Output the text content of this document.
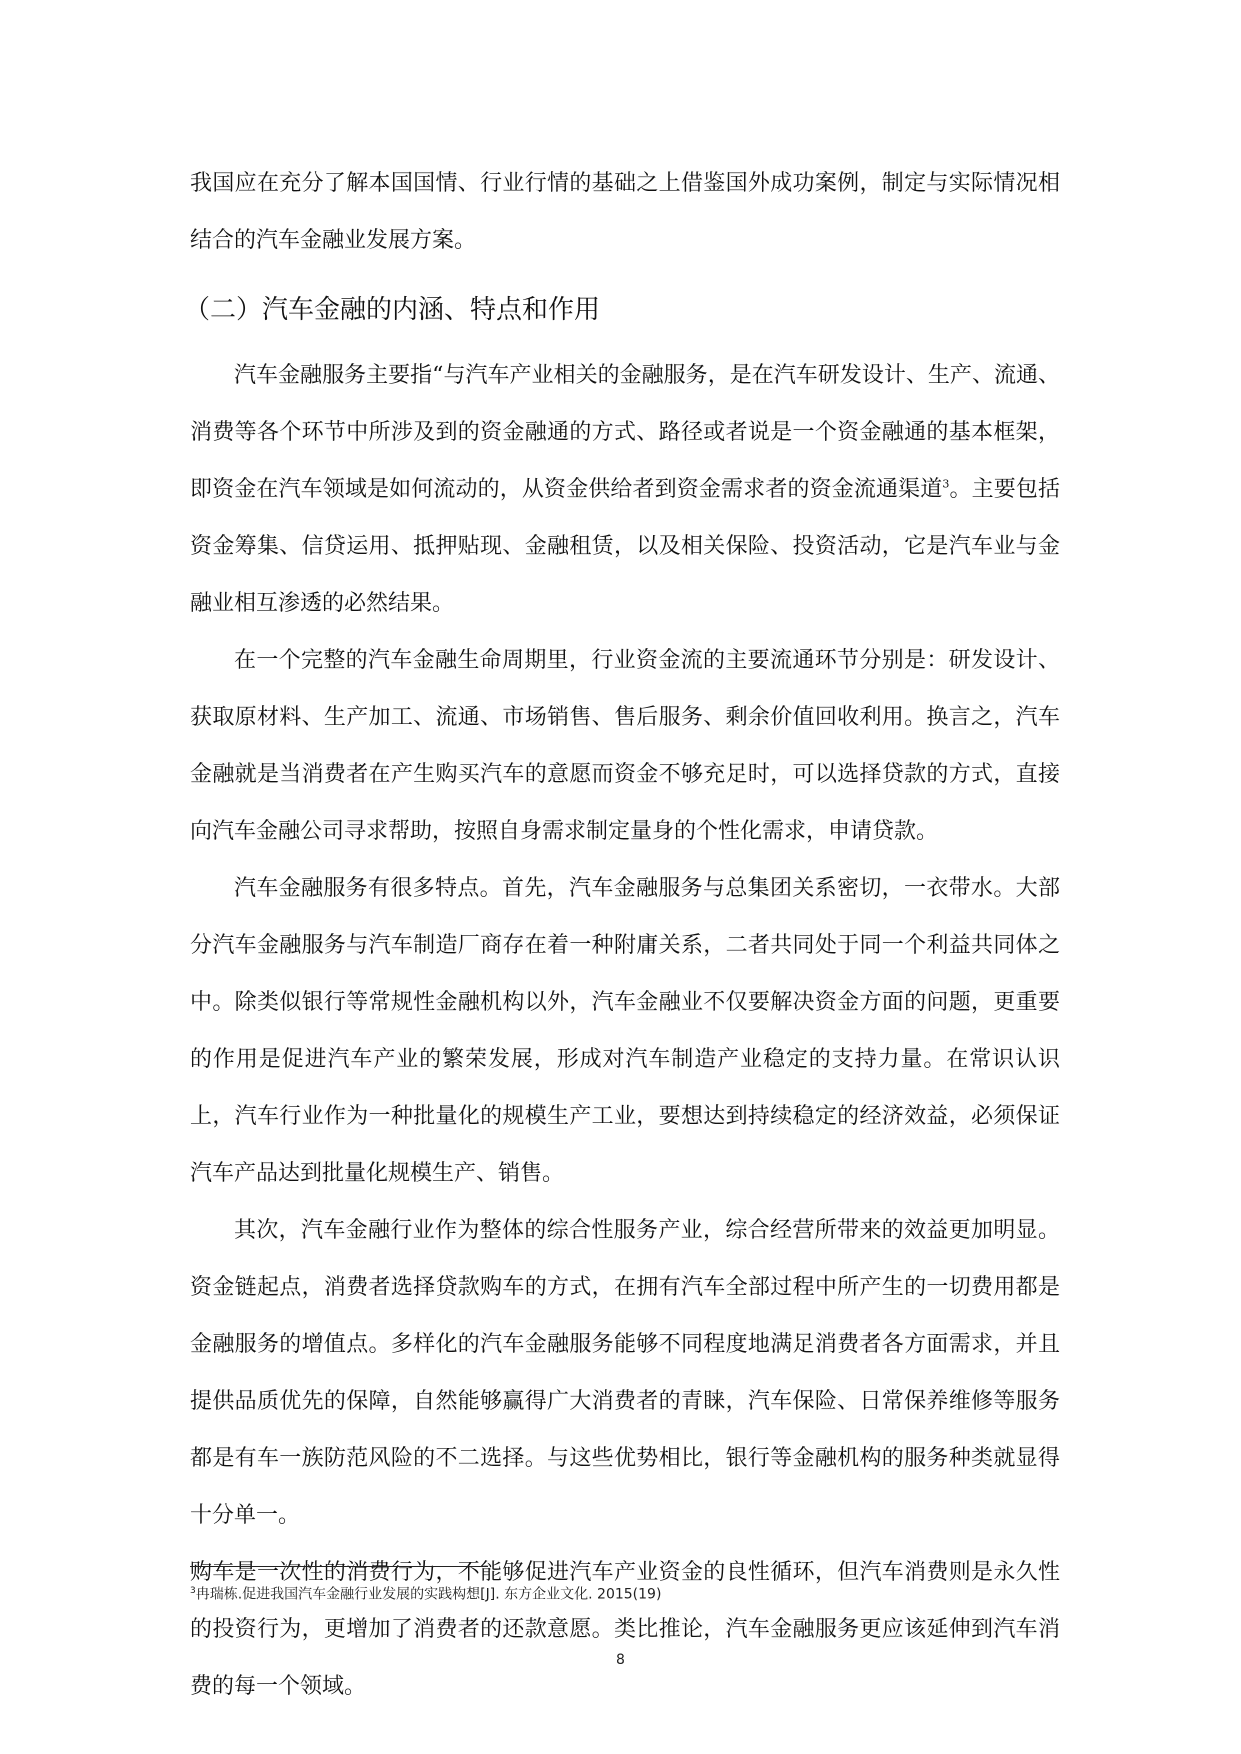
我国应在充分了解本国国情、行业行情的基础之上借鉴国外成功案例，制定与实际情况相结合的汽车金融业发展方案。

（二）汽车金融的内涵、特点和作用

汽车金融服务主要指“与汽车产业相关的金融服务，是在汽车研发设计、生产、流通、消费等各个环节中所涉及到的资金融通的方式、路径或者说是一个资金融通的基本框架，即资金在汽车领域是如何流动的，从资金供给者到资金需求者的资金流通渠道$^3$。主要包括资金筹集、信贷运用、抵押贴现、金融租赁，以及相关保险、投资活动，它是汽车业与金融业相互渗透的必然结果。

在一个完整的汽车金融生命周期里，行业资金流的主要流通环节分别是：研发设计、获取原材料、生产加工、流通、市场销售、售后服务、剩余价值回收利用。换言之，汽车金融就是当消费者在产生购买汽车的意愿而资金不够充足时，可以选择贷款的方式，直接向汽车金融公司寻求帮助，按照自身需求制定量身的个性化需求，申请贷款。

汽车金融服务有很多特点。首先，汽车金融服务与总集团关系密切，一衣带水。大部分汽车金融服务与汽车制造厂商存在着一种附庸关系，二者共同处于同一个利益共同体之中。除类似银行等常规性金融机构以外，汽车金融业不仅要解决资金方面的问题，更重要的作用是促进汽车产业的繁荣发展，形成对汽车制造产业稳定的支持力量。在常识认识上，汽车行业作为一种批量化的规模生产工业，要想达到持续稳定的经济效益，必须保证汽车产品达到批量化规模生产、销售。

其次，汽车金融行业作为整体的综合性服务产业，综合经营所带来的效益更加明显。资金链起点，消费者选择贷款购车的方式，在拥有汽车全部过程中所产生的一切费用都是金融服务的增值点。多样化的汽车金融服务能够不同程度地满足消费者各方面需求，并且提供品质优先的保障，自然能够赢得广大消费者的青睐，汽车保险、日常保养维修等服务都是有车一族防范风险的不二选择。与这些优势相比，银行等金融机构的服务种类就显得十分单一。

购车是一次性的消费行为，不能够促进汽车产业资金的良性循环，但汽车消费则是永久性的投资行为，更增加了消费者的还款意愿。类比推论，汽车金融服务更应该延伸到汽车消费的每一个领域。

$^3$冉瑞栋.促进我国汽车金融行业发展的实践构想[J]. 东方企业文化. 2015(19)
8
